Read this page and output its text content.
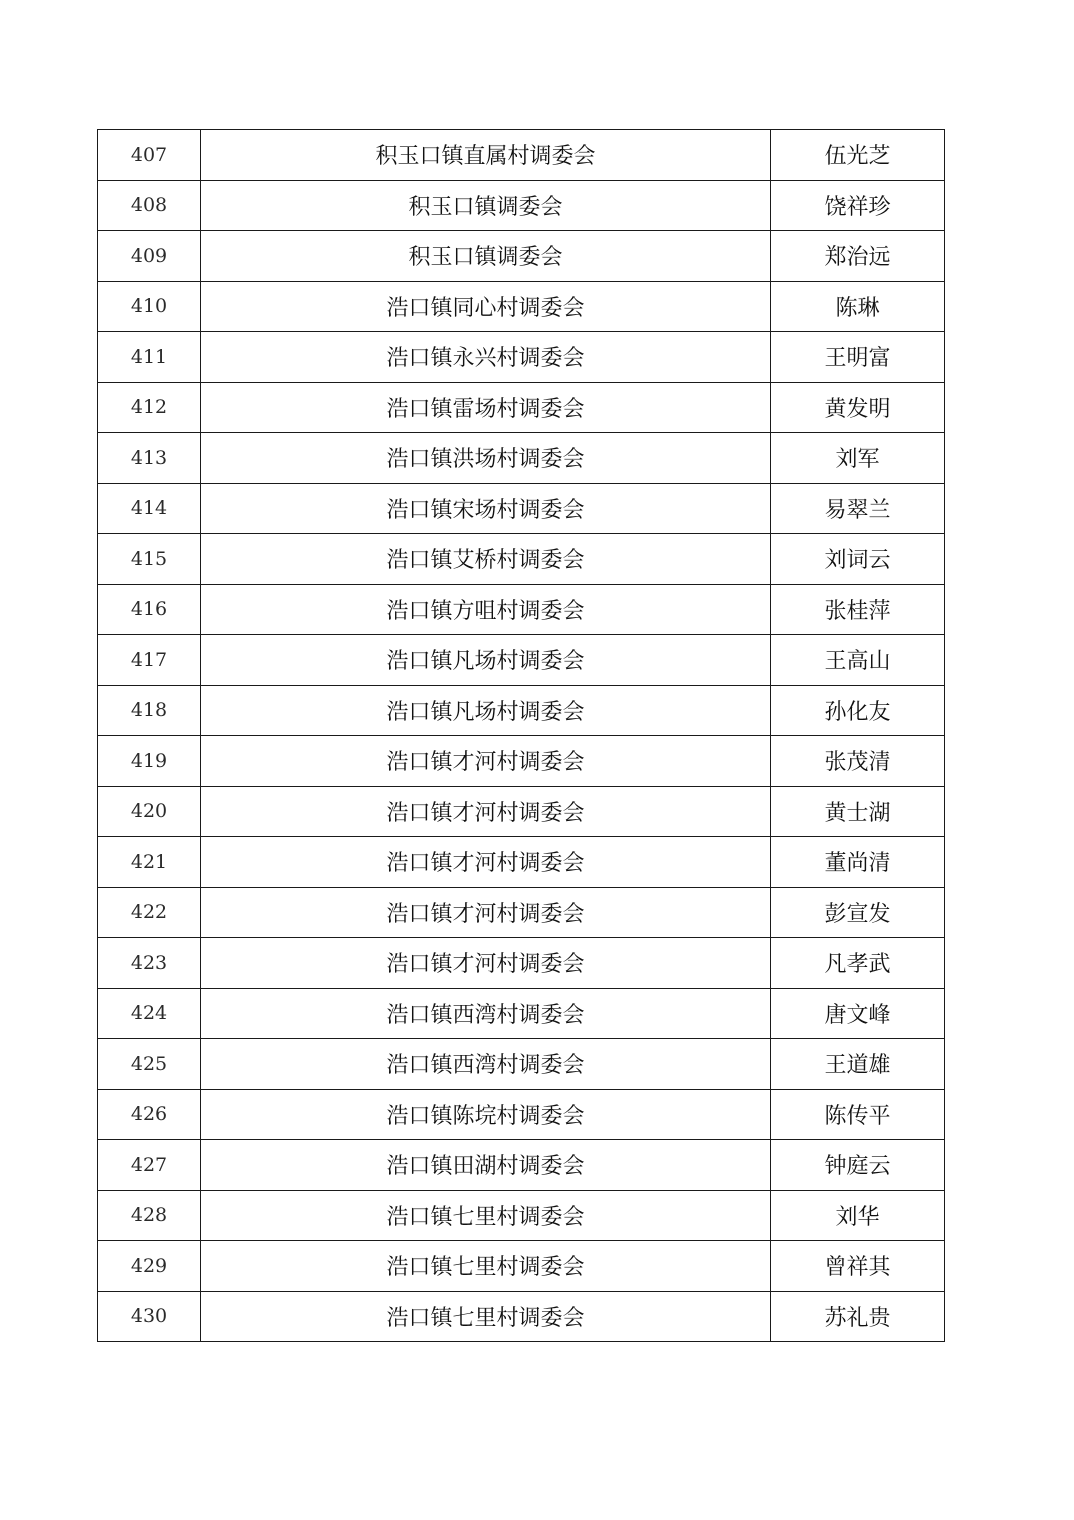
407	积玉口镇直属村调委会	伍光芝
408	积玉口镇调委会	饶祥珍
409	积玉口镇调委会	郑治远
410	浩口镇同心村调委会	陈琳
411	浩口镇永兴村调委会	王明富
412	浩口镇雷场村调委会	黄发明
413	浩口镇洪场村调委会	刘军
414	浩口镇宋场村调委会	易翠兰
415	浩口镇艾桥村调委会	刘词云
416	浩口镇方咀村调委会	张桂萍
417	浩口镇凡场村调委会	王高山
418	浩口镇凡场村调委会	孙化友
419	浩口镇才河村调委会	张茂清
420	浩口镇才河村调委会	黄士湖
421	浩口镇才河村调委会	董尚清
422	浩口镇才河村调委会	彭宣发
423	浩口镇才河村调委会	凡孝武
424	浩口镇西湾村调委会	唐文峰
425	浩口镇西湾村调委会	王道雄
426	浩口镇陈垸村调委会	陈传平
427	浩口镇田湖村调委会	钟庭云
428	浩口镇七里村调委会	刘华
429	浩口镇七里村调委会	曾祥其
430	浩口镇七里村调委会	苏礼贵
